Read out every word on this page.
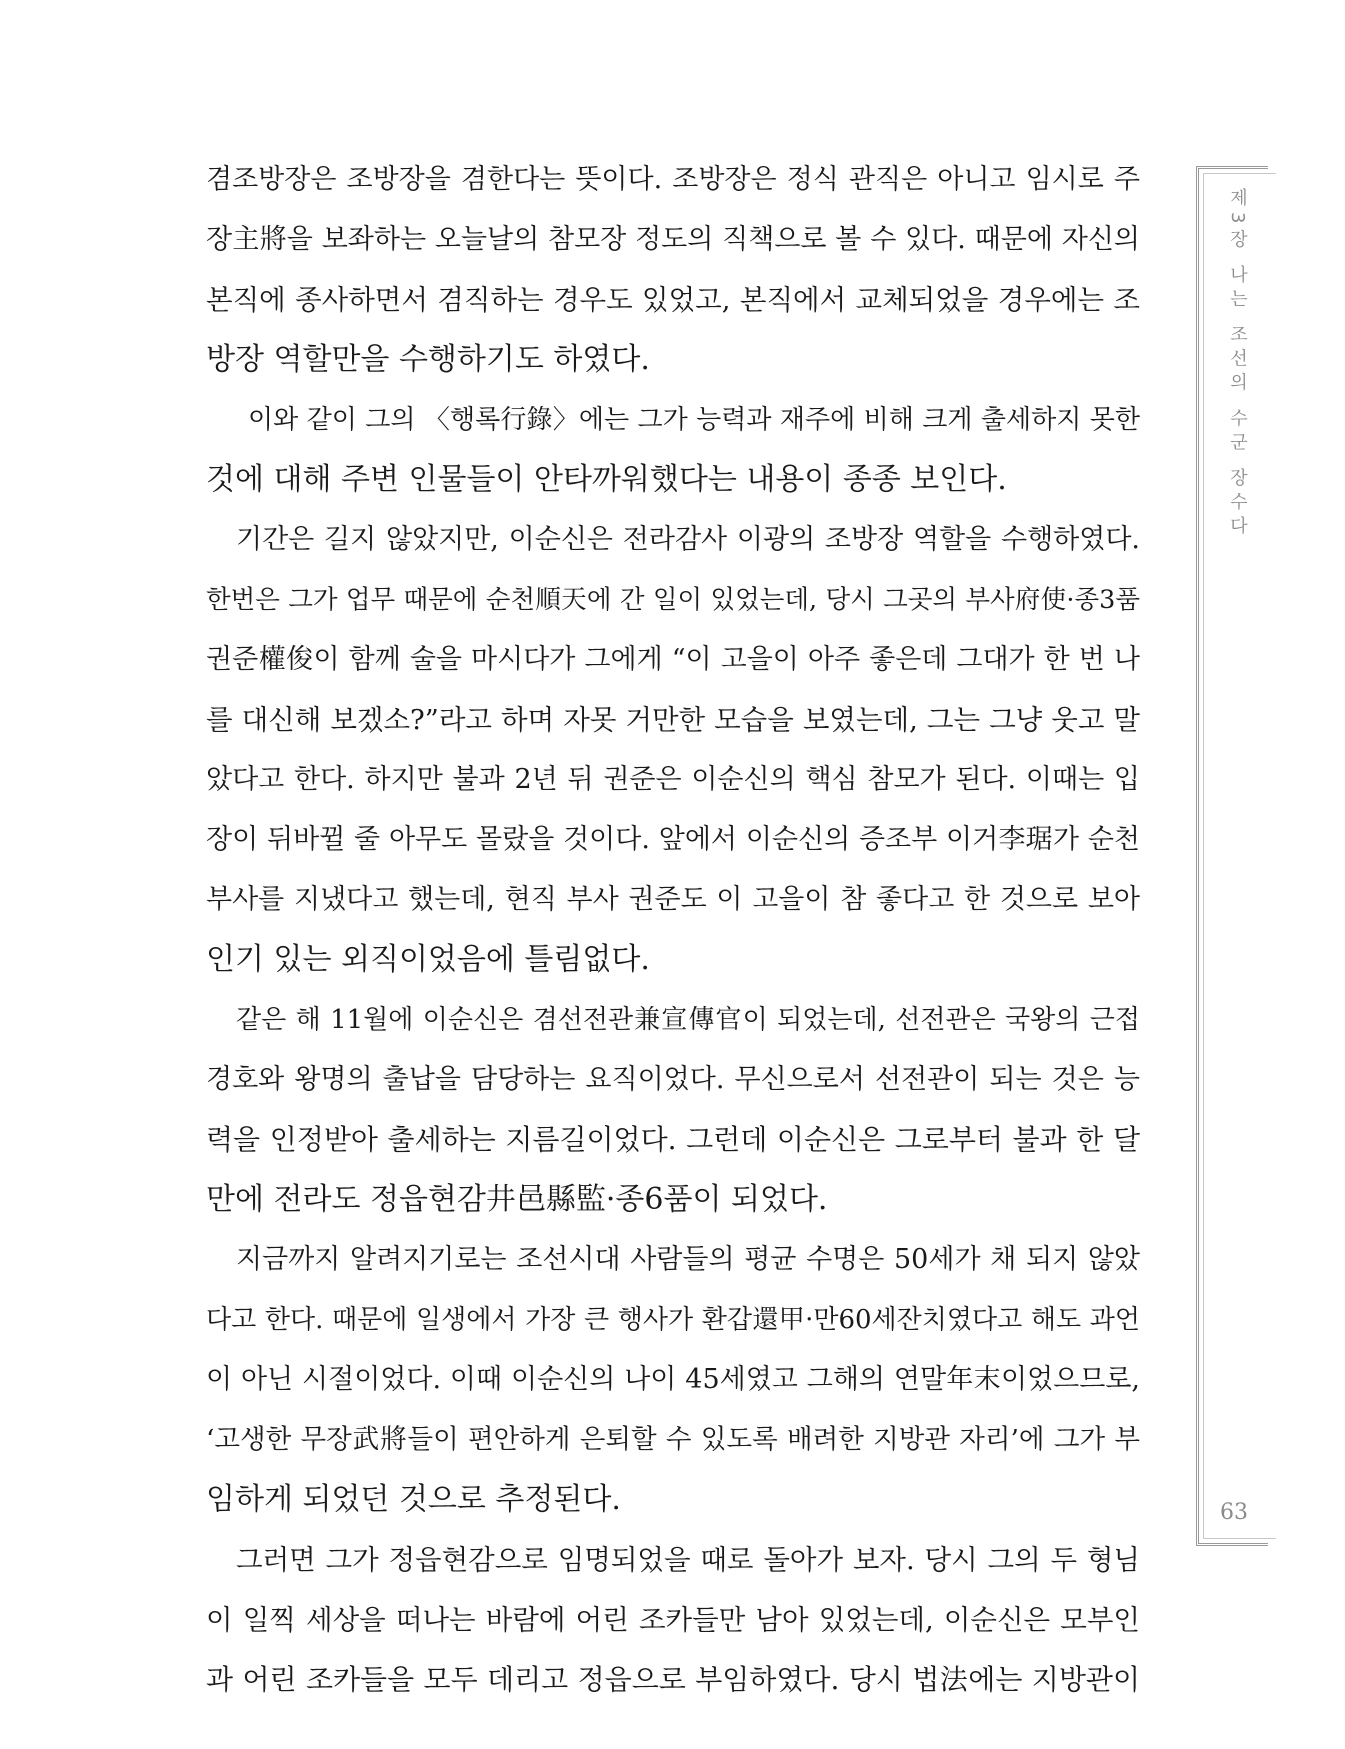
겸조방장은 조방장을 겸한다는 뜻이다. 조방장은 정식 관직은 아니고 임시로 주
장主將을 보좌하는 오늘날의 참모장 정도의 직책으로 볼 수 있다. 때문에 자신의
본직에 종사하면서 겸직하는 경우도 있었고, 본직에서 교체되었을 경우에는 조
방장 역할만을 수행하기도 하였다.
이와 같이 그의 〈행록行錄〉에는 그가 능력과 재주에 비해 크게 출세하지 못한
것에 대해 주변 인물들이 안타까워했다는 내용이 종종 보인다.
기간은 길지 않았지만, 이순신은 전라감사 이광의 조방장 역할을 수행하였다.
한번은 그가 업무 때문에 순천順天에 간 일이 있었는데, 당시 그곳의 부사府使·종3품
권준權俊이 함께 술을 마시다가 그에게 “이 고을이 아주 좋은데 그대가 한 번 나
를 대신해 보겠소?”라고 하며 자못 거만한 모습을 보였는데, 그는 그냥 웃고 말
았다고 한다. 하지만 불과 2년 뒤 권준은 이순신의 핵심 참모가 된다. 이때는 입
장이 뒤바뀔 줄 아무도 몰랐을 것이다. 앞에서 이순신의 증조부 이거李琚가 순천
부사를 지냈다고 했는데, 현직 부사 권준도 이 고을이 참 좋다고 한 것으로 보아
인기 있는 외직이었음에 틀림없다.
같은 해 11월에 이순신은 겸선전관兼宣傳官이 되었는데, 선전관은 국왕의 근접
경호와 왕명의 출납을 담당하는 요직이었다. 무신으로서 선전관이 되는 것은 능
력을 인정받아 출세하는 지름길이었다. 그런데 이순신은 그로부터 불과 한 달
만에 전라도 정읍현감井邑縣監·종6품이 되었다.
지금까지 알려지기로는 조선시대 사람들의 평균 수명은 50세가 채 되지 않았
다고 한다. 때문에 일생에서 가장 큰 행사가 환갑還甲·만60세잔치였다고 해도 과언
이 아닌 시절이었다. 이때 이순신의 나이 45세였고 그해의 연말年末이었으므로,
‘고생한 무장武將들이 편안하게 은퇴할 수 있도록 배려한 지방관 자리’에 그가 부
임하게 되었던 것으로 추정된다.
그러면 그가 정읍현감으로 임명되었을 때로 돌아가 보자. 당시 그의 두 형님
이 일찍 세상을 떠나는 바람에 어린 조카들만 남아 있었는데, 이순신은 모부인
과 어린 조카들을 모두 데리고 정읍으로 부임하였다. 당시 법法에는 지방관이
제3장 나는 조선의 수군 장수다
63
